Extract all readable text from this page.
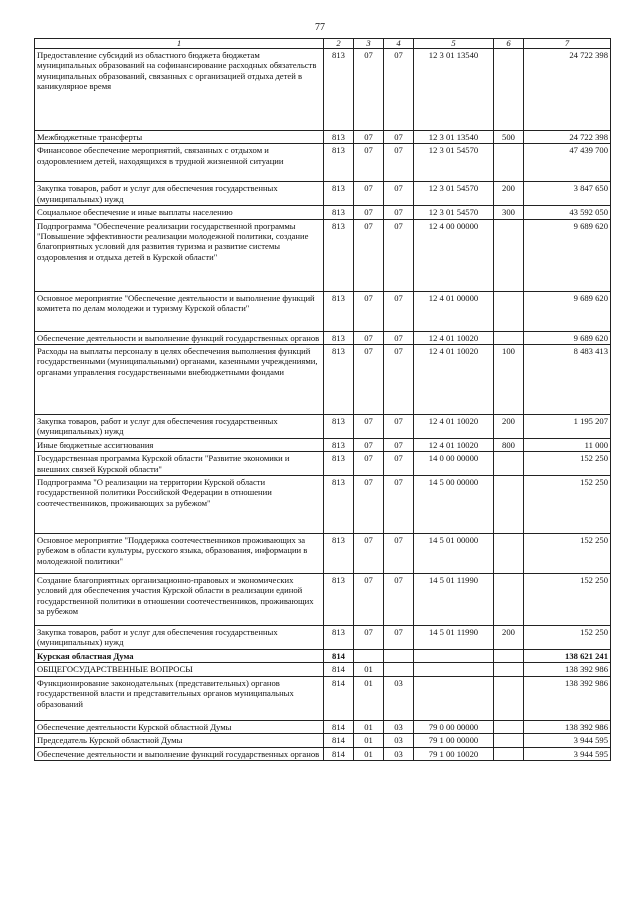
77
1	2	3	4	5	6	7
Предоставление субсидий из областного бюджета бюджетам муниципальных образований на софинансирование расходных обязательств муниципальных образований, связанных с организацией отдыха детей в каникулярное время	813	07	07	12 3 01 13540		24 722 398
Межбюджетные трансферты	813	07	07	12 3 01 13540	500	24 722 398
Финансовое обеспечение мероприятий, связанных с отдыхом и оздоровлением детей, находящихся в трудной жизненной ситуации	813	07	07	12 3 01 54570		47 439 700
Закупка товаров, работ и услуг для обеспечения государственных (муниципальных) нужд	813	07	07	12 3 01 54570	200	3 847 650
Социальное обеспечение и иные выплаты населению	813	07	07	12 3 01 54570	300	43 592 050
Подпрограмма "Обеспечение реализации государственной программы "Повышение эффективности реализации молодежной политики, создание благоприятных условий для развития туризма и развитие системы оздоровления и отдыха детей в Курской области"	813	07	07	12 4 00 00000		9 689 620
Основное мероприятие "Обеспечение деятельности и выполнение функций комитета по делам молодежи и туризму Курской области"	813	07	07	12 4 01 00000		9 689 620
Обеспечение деятельности и выполнение функций государственных органов	813	07	07	12 4 01 10020		9 689 620
Расходы на выплаты персоналу в целях обеспечения выполнения функций государственными (муниципальными) органами, казенными учреждениями, органами управления государственными внебюджетными фондами	813	07	07	12 4 01 10020	100	8 483 413
Закупка товаров, работ и услуг для обеспечения государственных (муниципальных) нужд	813	07	07	12 4 01 10020	200	1 195 207
Иные бюджетные ассигнования	813	07	07	12 4 01 10020	800	11 000
Государственная программа Курской области "Развитие экономики и внешних связей Курской области"	813	07	07	14 0 00 00000		152 250
Подпрограмма "О реализации на территории Курской области государственной политики Российской Федерации в отношении соотечественников, проживающих за рубежом"	813	07	07	14 5 00 00000		152 250
Основное мероприятие "Поддержка соотечественников проживающих за рубежом в области культуры, русского языка, образования, информации в молодежной политики"	813	07	07	14 5 01 00000		152 250
Создание благоприятных организационно-правовых и экономических условий для обеспечения участия Курской области в реализации единой государственной политики в отношении соотечественников, проживающих за рубежом	813	07	07	14 5 01 11990		152 250
Закупка товаров, работ и услуг для обеспечения государственных (муниципальных) нужд	813	07	07	14 5 01 11990	200	152 250
Курская областная Дума	814					138 621 241
ОБЩЕГОСУДАРСТВЕННЫЕ ВОПРОСЫ	814	01				138 392 986
Функционирование законодательных (представительных) органов государственной власти и представительных органов муниципальных образований	814	01	03			138 392 986
Обеспечение деятельности Курской областной Думы	814	01	03	79 0 00 00000		138 392 986
Председатель Курской областной Думы	814	01	03	79 1 00 00000		3 944 595
Обеспечение деятельности и выполнение функций государственных органов	814	01	03	79 1 00 10020		3 944 595
